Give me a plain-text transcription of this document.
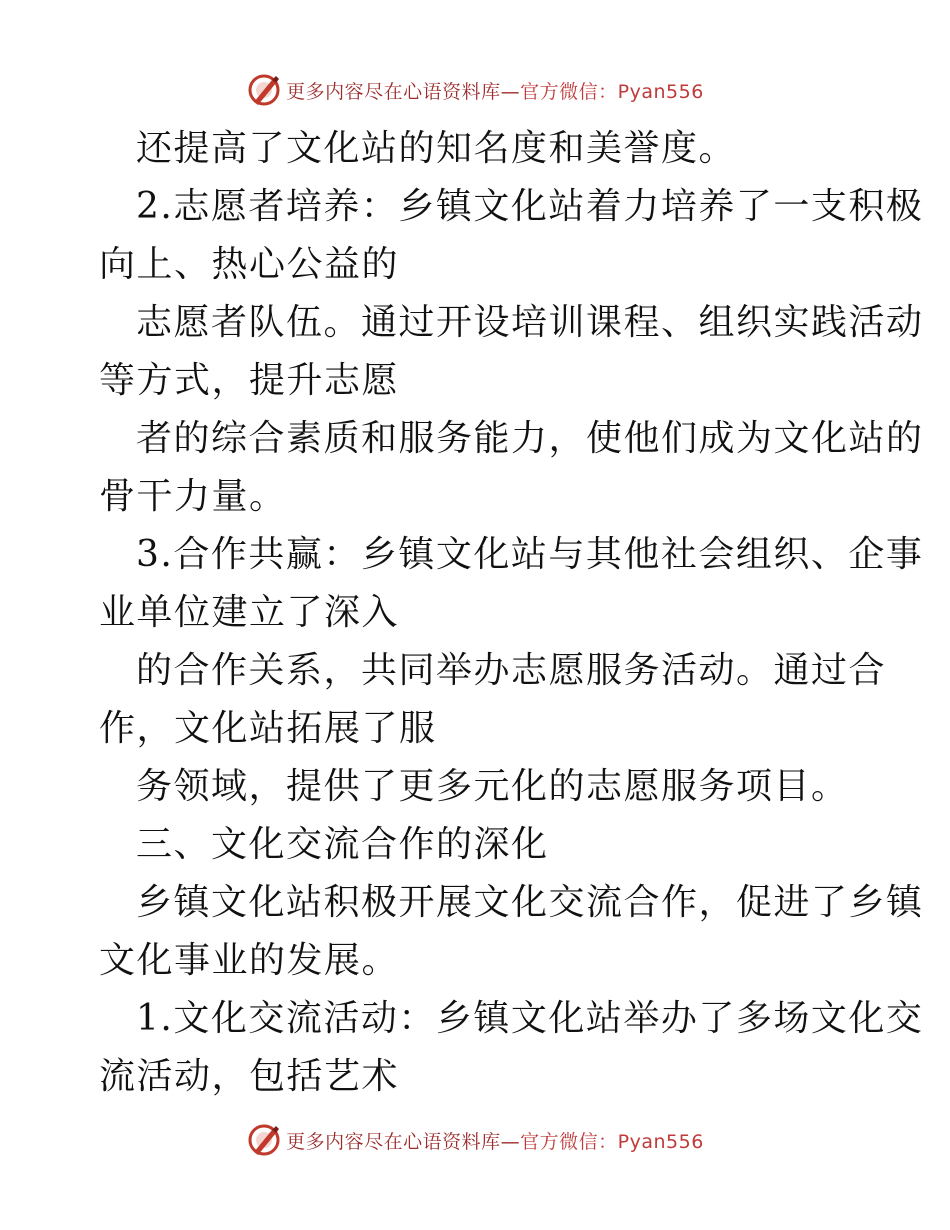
更多内容尽在心语资料库—官方微信：Pyan556
还提高了文化站的知名度和美誉度。
2.志愿者培养：乡镇文化站着力培养了一支积极
向上、热心公益的
志愿者队伍。通过开设培训课程、组织实践活动
等方式，提升志愿
者的综合素质和服务能力，使他们成为文化站的
骨干力量。
3.合作共赢：乡镇文化站与其他社会组织、企事
业单位建立了深入
的合作关系，共同举办志愿服务活动。通过合
作，文化站拓展了服
务领域，提供了更多元化的志愿服务项目。
三、文化交流合作的深化
乡镇文化站积极开展文化交流合作，促进了乡镇
文化事业的发展。
1.文化交流活动：乡镇文化站举办了多场文化交
流活动，包括艺术
更多内容尽在心语资料库—官方微信：Pyan556
